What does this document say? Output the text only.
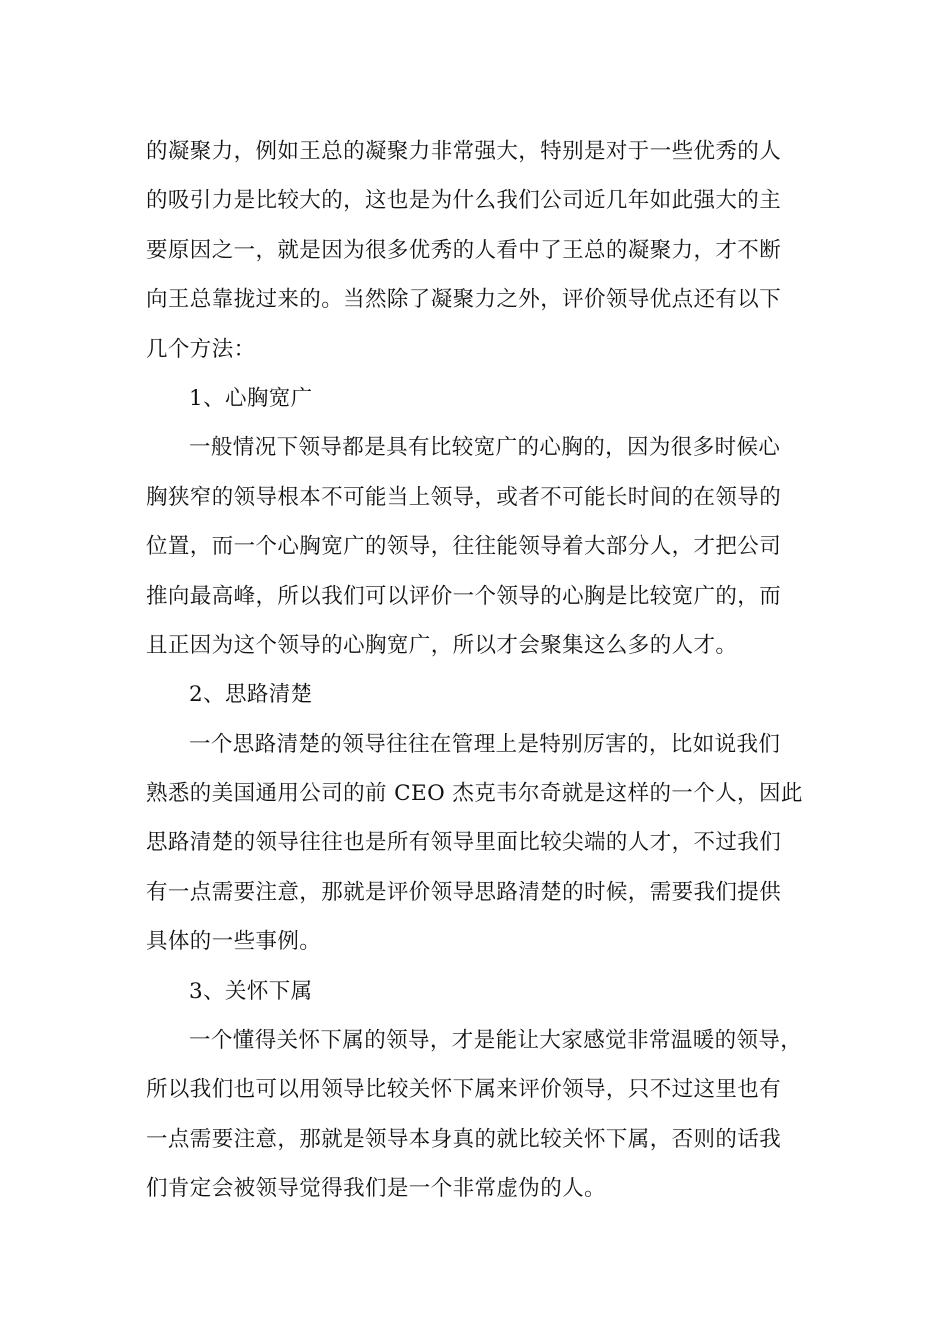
的凝聚力，例如王总的凝聚力非常强大，特别是对于一些优秀的人
的吸引力是比较大的，这也是为什么我们公司近几年如此强大的主
要原因之一，就是因为很多优秀的人看中了王总的凝聚力，才不断
向王总靠拢过来的。当然除了凝聚力之外，评价领导优点还有以下
几个方法：
1、心胸宽广
一般情况下领导都是具有比较宽广的心胸的，因为很多时候心
胸狭窄的领导根本不可能当上领导，或者不可能长时间的在领导的
位置，而一个心胸宽广的领导，往往能领导着大部分人，才把公司
推向最高峰，所以我们可以评价一个领导的心胸是比较宽广的，而
且正因为这个领导的心胸宽广，所以才会聚集这么多的人才。
2、思路清楚
一个思路清楚的领导往往在管理上是特别厉害的，比如说我们
熟悉的美国通用公司的前 CEO 杰克韦尔奇就是这样的一个人，因此
思路清楚的领导往往也是所有领导里面比较尖端的人才，不过我们
有一点需要注意，那就是评价领导思路清楚的时候，需要我们提供
具体的一些事例。
3、关怀下属
一个懂得关怀下属的领导，才是能让大家感觉非常温暖的领导，
所以我们也可以用领导比较关怀下属来评价领导，只不过这里也有
一点需要注意，那就是领导本身真的就比较关怀下属，否则的话我
们肯定会被领导觉得我们是一个非常虚伪的人。
